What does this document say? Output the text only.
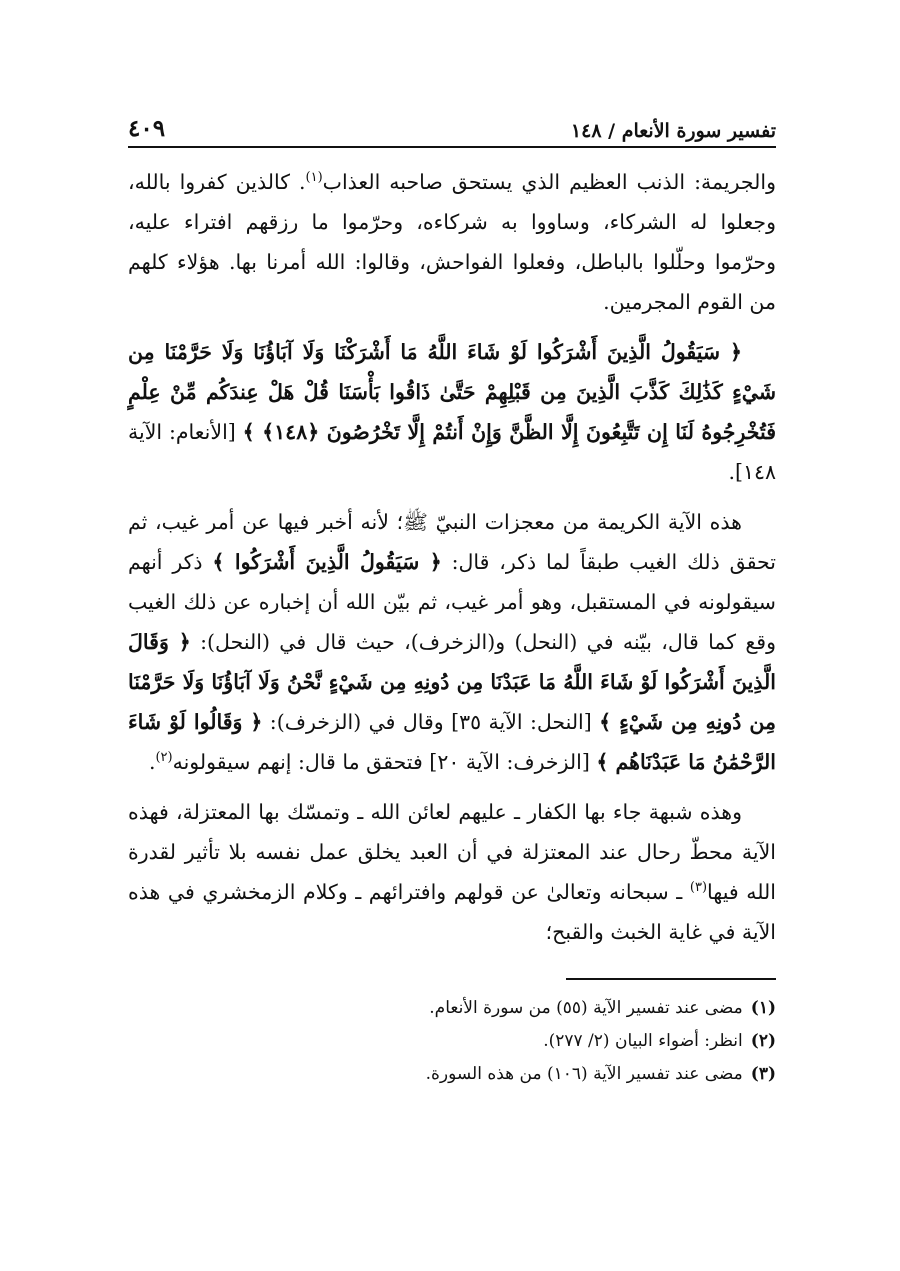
تفسير سورة الأنعام / ١٤٨
٤٠٩

والجريمة: الذنب العظيم الذي يستحق صاحبه العذاب$^{(١)}$. كالذين كفروا بالله، وجعلوا له الشركاء، وساووا به شركاءه، وحرّموا ما رزقهم افتراء عليه، وحرّموا وحلّلوا بالباطل، وفعلوا الفواحش، وقالوا: الله أمرنا بها. هؤلاء كلهم من القوم المجرمين.

﴿ سَيَقُولُ الَّذِينَ أَشْرَكُوا لَوْ شَاءَ اللَّهُ مَا أَشْرَكْنَا وَلَا آبَاؤُنَا وَلَا حَرَّمْنَا مِن شَيْءٍ كَذَٰلِكَ كَذَّبَ الَّذِينَ مِن قَبْلِهِمْ حَتَّىٰ ذَاقُوا بَأْسَنَا قُلْ هَلْ عِندَكُم مِّنْ عِلْمٍ فَتُخْرِجُوهُ لَنَا إِن تَتَّبِعُونَ إِلَّا الظَّنَّ وَإِنْ أَنتُمْ إِلَّا تَخْرُصُونَ ﴿١٤٨﴾ ﴾ [الأنعام: الآية ١٤٨].

هذه الآية الكريمة من معجزات النبيّ ﷺ؛ لأنه أخبر فيها عن أمر غيب، ثم تحقق ذلك الغيب طبقاً لما ذكر، قال: ﴿ سَيَقُولُ الَّذِينَ أَشْرَكُوا ﴾ ذكر أنهم سيقولونه في المستقبل، وهو أمر غيب، ثم بيّن الله أن إخباره عن ذلك الغيب وقع كما قال، بيّنه في (النحل) و(الزخرف)، حيث قال في (النحل): ﴿ وَقَالَ الَّذِينَ أَشْرَكُوا لَوْ شَاءَ اللَّهُ مَا عَبَدْنَا مِن دُونِهِ مِن شَيْءٍ نَّحْنُ وَلَا آبَاؤُنَا وَلَا حَرَّمْنَا مِن دُونِهِ مِن شَيْءٍ ﴾ [النحل: الآية ٣٥] وقال في (الزخرف): ﴿ وَقَالُوا لَوْ شَاءَ الرَّحْمَٰنُ مَا عَبَدْنَاهُم ﴾ [الزخرف: الآية ٢٠] فتحقق ما قال: إنهم سيقولونه$^{(٢)}$.

وهذه شبهة جاء بها الكفار ـ عليهم لعائن الله ـ وتمسّك بها المعتزلة، فهذه الآية محطّ رحال عند المعتزلة في أن العبد يخلق عمل نفسه بلا تأثير لقدرة الله فيها$^{(٣)}$ ـ سبحانه وتعالىٰ عن قولهم وافترائهم ـ وكلام الزمخشري في هذه الآية في غاية الخبث والقبح؛

(١)مضى عند تفسير الآية (٥٥) من سورة الأنعام.
(٢)انظر: أضواء البيان (٢/ ٢٧٧).
(٣)مضى عند تفسير الآية (١٠٦) من هذه السورة.
